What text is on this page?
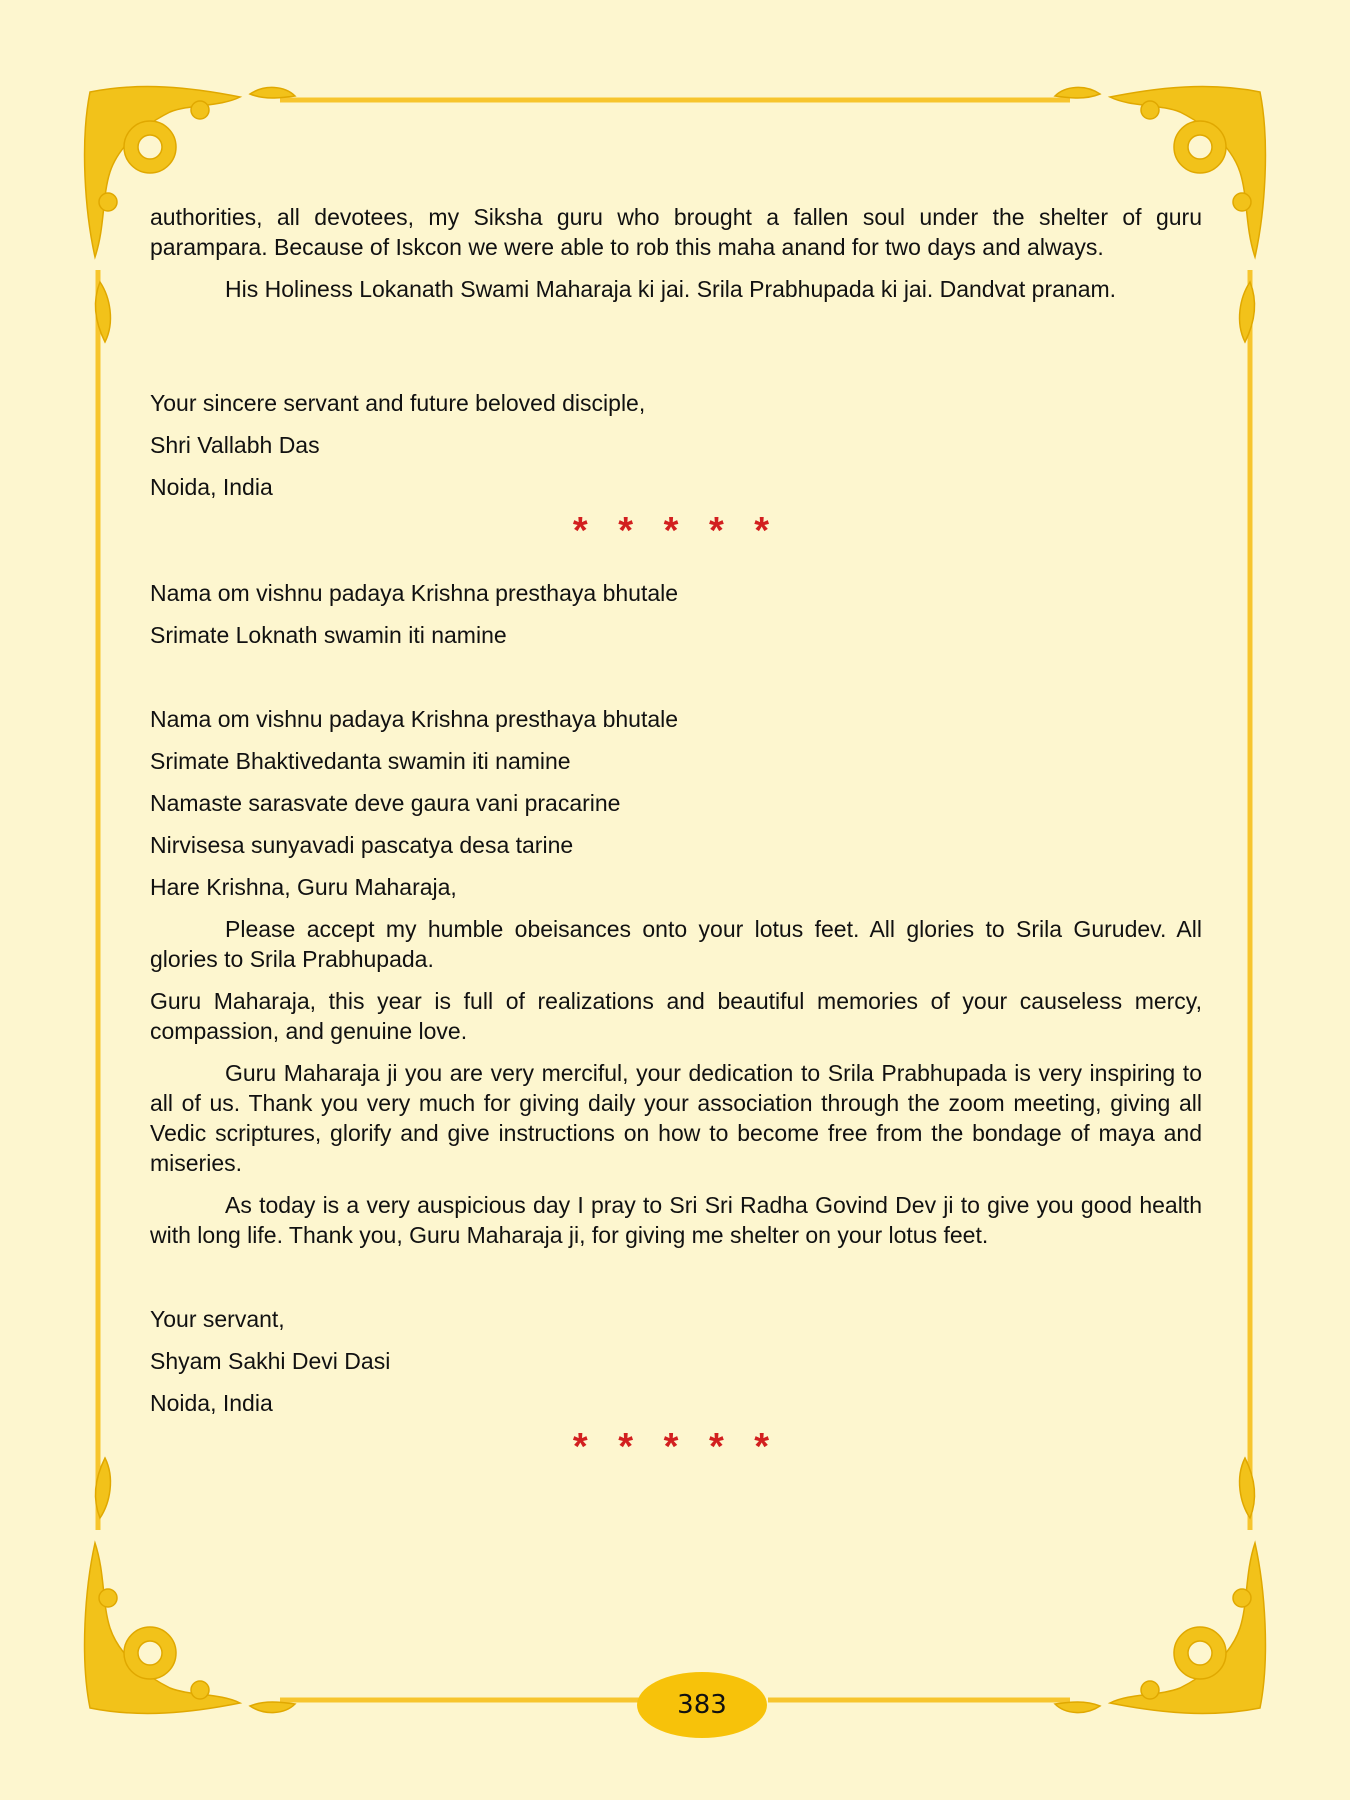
authorities, all devotees, my Siksha guru who brought a fallen soul under the shelter of guru parampara. Because of Iskcon we were able to rob this maha anand for two days and always.

His Holiness Lokanath Swami Maharaja ki jai. Srila Prabhupada ki jai. Dandvat pranam.

Your sincere servant and future beloved disciple,

Shri Vallabh Das

Noida, India

* * * * *

Nama om vishnu padaya Krishna presthaya bhutale

Srimate Loknath swamin iti namine

Nama om vishnu padaya Krishna presthaya bhutale

Srimate Bhaktivedanta swamin iti namine

Namaste sarasvate deve gaura vani pracarine

Nirvisesa sunyavadi pascatya desa tarine

Hare Krishna, Guru Maharaja,

Please accept my humble obeisances onto your lotus feet. All glories to Srila Gurudev. All glories to Srila Prabhupada.

Guru Maharaja, this year is full of realizations and beautiful memories of your causeless mercy, compassion, and genuine love.

Guru Maharaja ji you are very merciful, your dedication to Srila Prabhupada is very inspiring to all of us. Thank you very much for giving daily your association through the zoom meeting, giving all Vedic scriptures, glorify and give instructions on how to become free from the bondage of maya and miseries.

As today is a very auspicious day I pray to Sri Sri Radha Govind Dev ji to give you good health with long life. Thank you, Guru Maharaja ji, for giving me shelter on your lotus feet.

Your servant,

Shyam Sakhi Devi Dasi

Noida, India

* * * * *
383
